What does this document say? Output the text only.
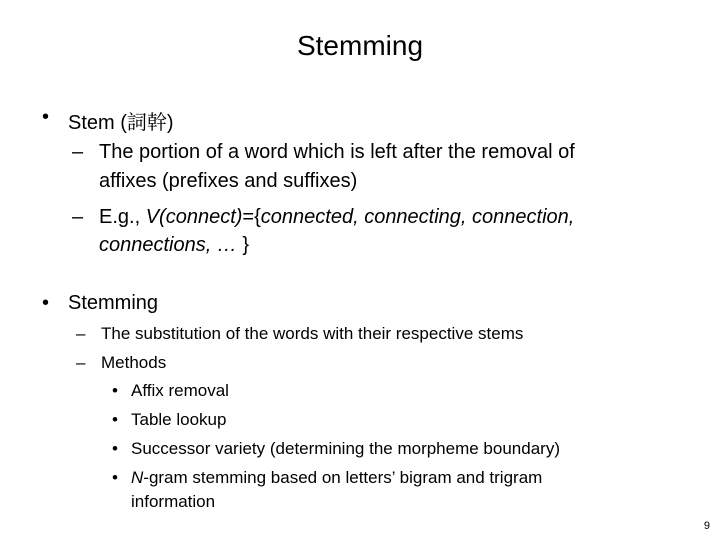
Stemming
• Stem (詞幹)
– The portion of a word which is left after the removal of
affixes (prefixes and suffixes)
– E.g., V(connect)={connected, connecting, connection,
connections, … }
• Stemming
– The substitution of the words with their respective stems
– Methods
• Affix removal
• Table lookup
• Successor variety (determining the morpheme boundary)
• N-gram stemming based on letters’ bigram and trigram
information
9
